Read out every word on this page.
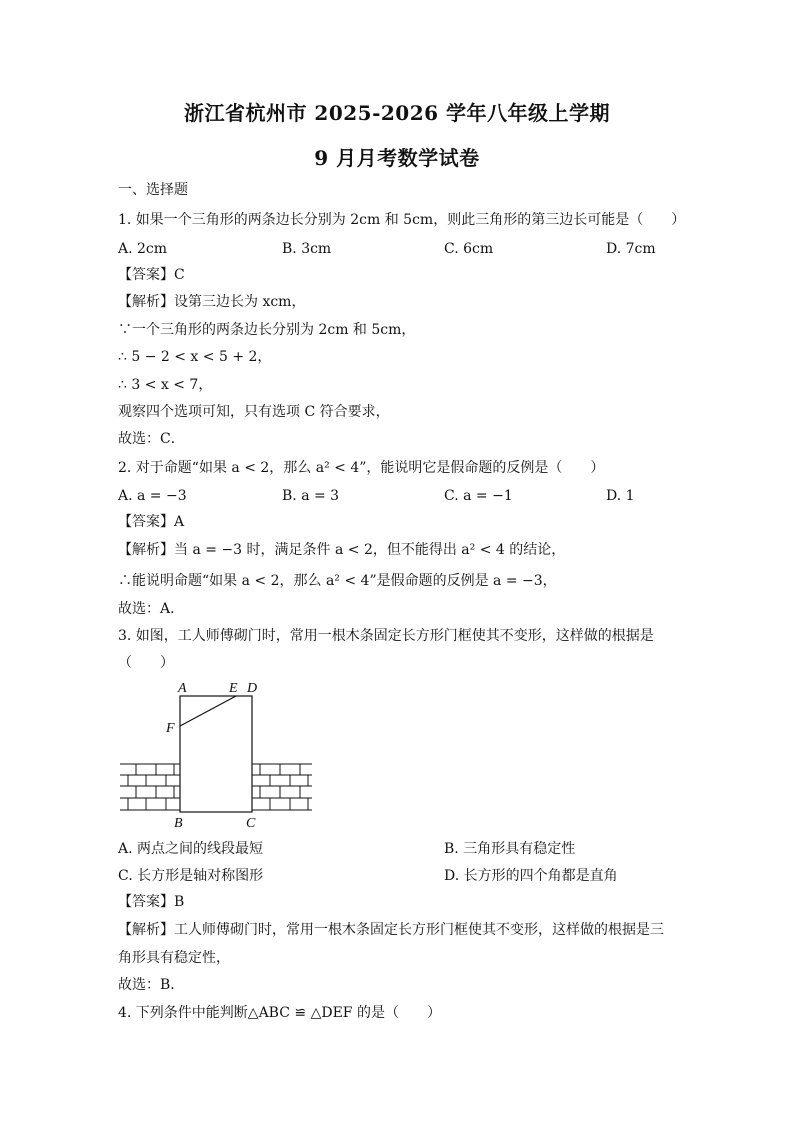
浙江省杭州市 2025-2026 学年八年级上学期
9 月月考数学试卷
一、选择题
1. 如果一个三角形的两条边长分别为 2cm 和 5cm，则此三角形的第三边长可能是（　　）
A. 2cm	B. 3cm	C. 6cm	D. 7cm
【答案】C
【解析】设第三边长为 xcm，
∵一个三角形的两条边长分别为 2cm 和 5cm，
∴ 5 − 2 < x < 5 + 2，
∴ 3 < x < 7，
观察四个选项可知，只有选项 C 符合要求，
故选：C．
2. 对于命题“如果 a < 2，那么 a² < 4”，能说明它是假命题的反例是（　　）
A. a = −3	B. a = 3	C. a = −1	D. 1
【答案】A
【解析】当 a = −3 时，满足条件 a < 2，但不能得出 a² < 4 的结论，
∴能说明命题“如果 a < 2，那么 a² < 4”是假命题的反例是 a = −3，
故选：A．
3. 如图，工人师傅砌门时，常用一根木条固定长方形门框使其不变形，这样做的根据是
（　　）
A	E D
F
B	C
A. 两点之间的线段最短	B. 三角形具有稳定性
C. 长方形是轴对称图形	D. 长方形的四个角都是直角
【答案】B
【解析】工人师傅砌门时，常用一根木条固定长方形门框使其不变形，这样做的根据是三
角形具有稳定性，
故选：B．
4. 下列条件中能判断△ABC ≌ △DEF 的是（　　）
